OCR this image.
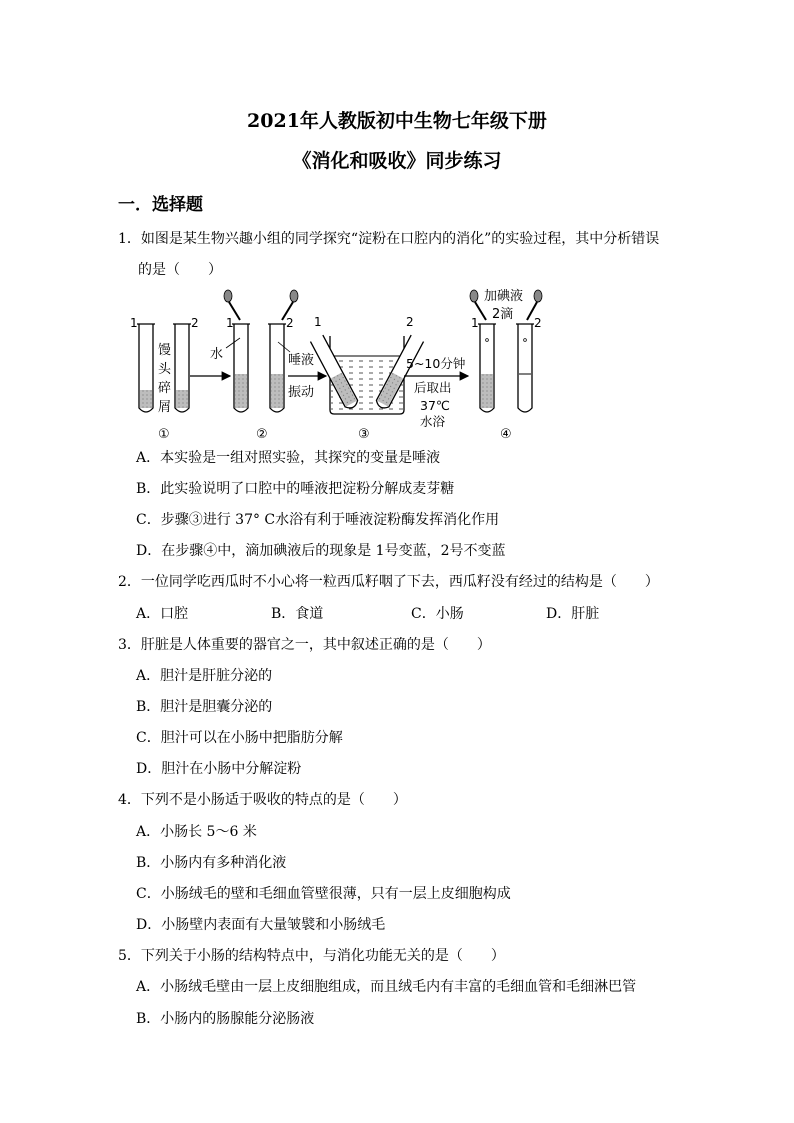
2021年人教版初中生物七年级下册
《消化和吸收》同步练习
一．选择题
1．如图是某生物兴趣小组的同学探究“淀粉在口腔内的消化”的实验过程，其中分析错误
的是（　　）
1	2
馒
头
碎
屑
①
1	2
水	唾液
②
振动
1	2
③
5~10分钟
后取出
37℃
水浴
1	2
加碘液
2滴
④
A．本实验是一组对照实验，其探究的变量是唾液
B．此实验说明了口腔中的唾液把淀粉分解成麦芽糖
C．步骤③进行 37° C水浴有利于唾液淀粉酶发挥消化作用
D．在步骤④中，滴加碘液后的现象是 1号变蓝，2号不变蓝
2．一位同学吃西瓜时不小心将一粒西瓜籽咽了下去，西瓜籽没有经过的结构是（　　）
A．口腔	B．食道	C．小肠	D．肝脏
3．肝脏是人体重要的器官之一，其中叙述正确的是（　　）
A．胆汁是肝脏分泌的
B．胆汁是胆囊分泌的
C．胆汁可以在小肠中把脂肪分解
D．胆汁在小肠中分解淀粉
4．下列不是小肠适于吸收的特点的是（　　）
A．小肠长 5～6 米
B．小肠内有多种消化液
C．小肠绒毛的壁和毛细血管壁很薄，只有一层上皮细胞构成
D．小肠壁内表面有大量皱襞和小肠绒毛
5．下列关于小肠的结构特点中，与消化功能无关的是（　　）
A．小肠绒毛壁由一层上皮细胞组成，而且绒毛内有丰富的毛细血管和毛细淋巴管
B．小肠内的肠腺能分泌肠液
